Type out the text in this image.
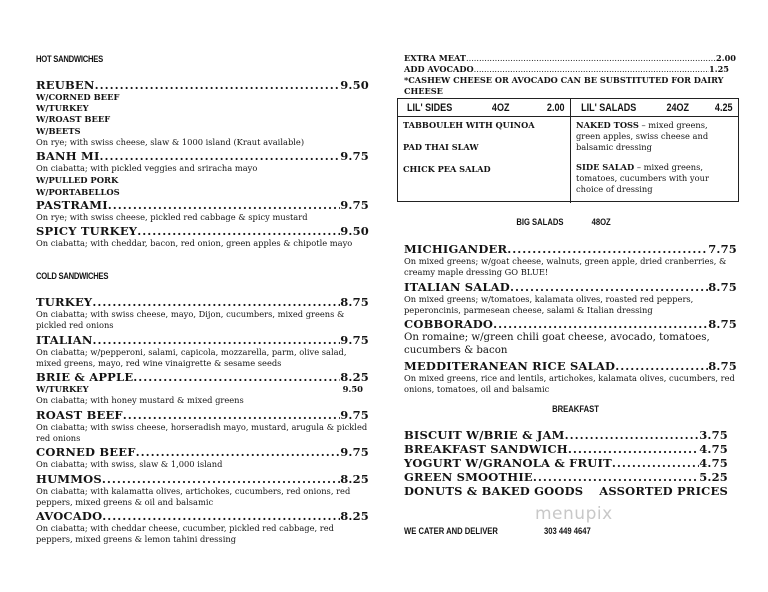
HOT SANDWICHES
REUBEN .....	9.50
W/CORNED BEEF
W/TURKEY
W/ROAST BEEF
W/BEETS
On rye; with swiss cheese, slaw & 1000 island (Kraut available)
BANH MI .....	9.75
On ciabatta; with pickled veggies and sriracha mayo
W/PULLED PORK
W/PORTABELLOS
PASTRAMI .....	9.75
On rye; with swiss cheese, pickled red cabbage & spicy mustard
SPICY TURKEY .....	9.50
On ciabatta; with cheddar, bacon, red onion, green apples & chipotle mayo
COLD SANDWICHES
TURKEY .....	8.75
On ciabatta; with swiss cheese, mayo, Dijon, cucumbers, mixed greens & pickled red onions
ITALIAN .....	9.75
On ciabatta; w/pepperoni, salami, capicola, mozzarella, parm, olive salad, mixed greens, mayo, red wine vinaigrette & sesame seeds
BRIE & APPLE .....	8.25
W/TURKEY	9.50
On ciabatta; with honey mustard & mixed greens
ROAST BEEF .....	9.75
On ciabatta; with swiss cheese, horseradish mayo, mustard, arugula & pickled red onions
CORNED BEEF .....	9.75
On ciabatta; with swiss, slaw & 1,000 island
HUMMOS .....	8.25
On ciabatta; with kalamatta olives, artichokes, cucumbers, red onions, red peppers, mixed greens & oil and balsamic
AVOCADO .....	8.25
On ciabatta; with cheddar cheese, cucumber, pickled red cabbage, red peppers, mixed greens & lemon tahini dressing
EXTRA MEAT .....	2.00
ADD AVOCADO .....	1.25
*CASHEW CHEESE OR AVOCADO CAN BE SUBSTITUTED FOR DAIRY CHEESE
LIL' SIDES	4OZ	2.00 LIL' SALADS	24OZ 4.25
TABBOULEH WITH QUINOA
PAD THAI SLAW
CHICK PEA SALAD
NAKED TOSS – mixed greens, green apples, swiss cheese and balsamic dressing
SIDE SALAD – mixed greens, tomatoes, cucumbers with your choice of dressing
BIG SALADS	48OZ
MICHIGANDER .....	7.75
On mixed greens; w/goat cheese, walnuts, green apple, dried cranberries, & creamy maple dressing GO BLUE!
ITALIAN SALAD .....	8.75
On mixed greens; w/tomatoes, kalamata olives, roasted red peppers, peperoncinis, parmesean cheese, salami & Italian dressing
COBBORADO .....	8.75
On romaine; w/green chili goat cheese, avocado, tomatoes, cucumbers & bacon
MEDDITERANEAN RICE SALAD .....	8.75
On mixed greens, rice and lentils, artichokes, kalamata olives, cucumbers, red onions, tomatoes, oil and balsamic
BREAKFAST
BISCUIT W/BRIE & JAM .....	3.75
BREAKFAST SANDWICH .....	4.75
YOGURT W/GRANOLA & FRUIT .....	4.75
GREEN SMOOTHIE .....	5.25
DONUTS & BAKED GOODS ASSORTED PRICES
menupix
WE CATER AND DELIVER	303 449 4647
